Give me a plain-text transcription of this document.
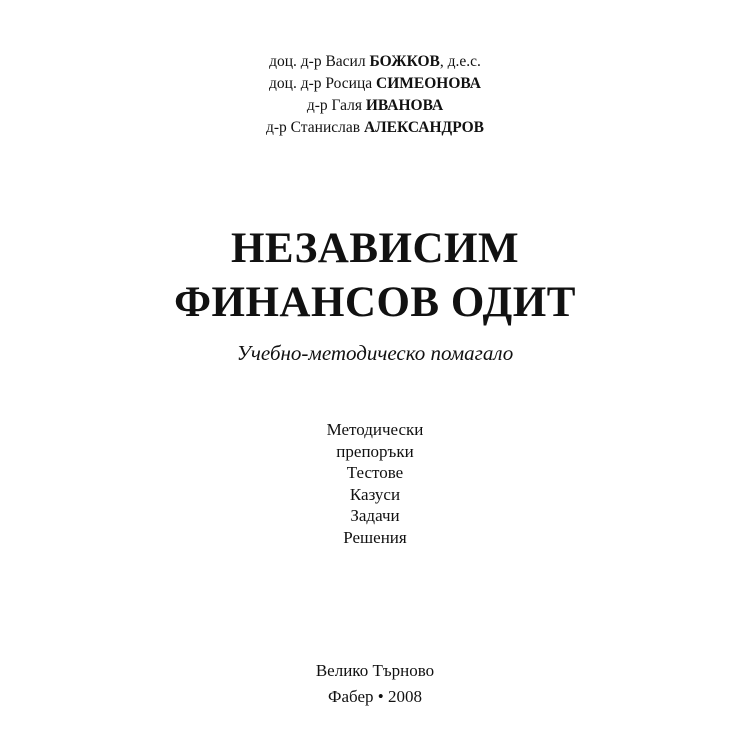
доц. д-р Васил БОЖКОВ, д.е.с.
доц. д-р Росица СИМЕОНОВА
д-р Галя ИВАНОВА
д-р Станислав АЛЕКСАНДРОВ
НЕЗАВИСИМ
ФИНАНСОВ ОДИТ
Учебно-методическо помагало
Методически
препоръки
Тестове
Казуси
Задачи
Решения
Велико Търново
Фабер • 2008
